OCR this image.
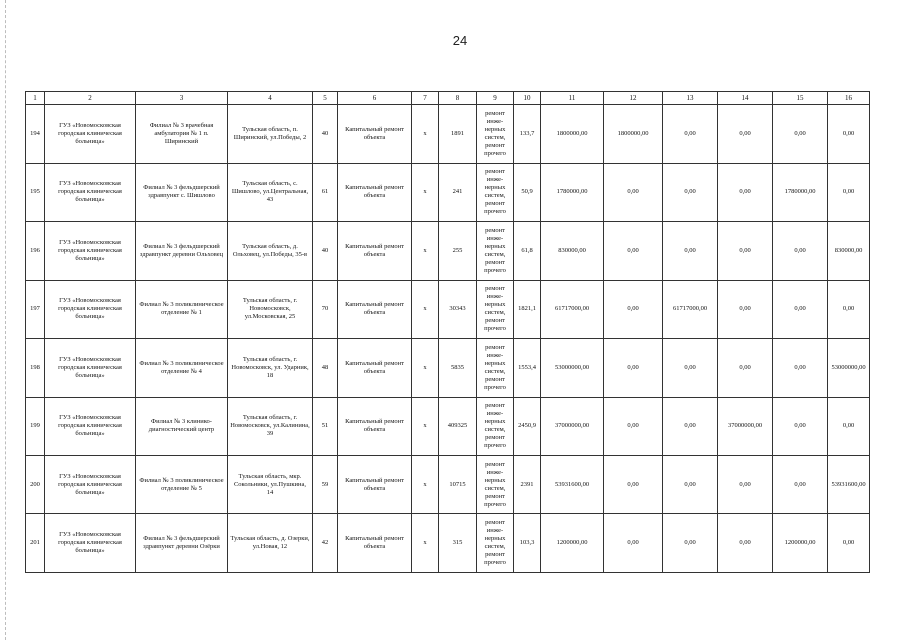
24
1	2	3	4	5	6	7	8	9	10	11	12	13	14	15	16
194	ГУЗ «Новомосковская городская клиническая больница»	Филиал № 3 врачебная амбулатория № 1 п. Ширинский	Тульская область, п. Ширинский, ул.Победы, 2	40	Капитальный ремонт объекта	х	1891	ремонт инже-нерных систем, ремонт прочего	133,7	1800000,00	1800000,00	0,00	0,00	0,00	0,00
195	ГУЗ «Новомосковская городская клиническая больница»	Филиал № 3 фельдшерский здравпункт с. Шишлово	Тульская область, с. Шишлово, ул.Центральная, 43	61	Капитальный ремонт объекта	х	241	ремонт инже-нерных систем, ремонт прочего	50,9	1780000,00	0,00	0,00	0,00	1780000,00	0,00
196	ГУЗ «Новомосковская городская клиническая больница»	Филиал № 3 фельдшерский здравпункт деревни Ольховец	Тульская область, д. Ольховец, ул.Победы, 35-в	40	Капитальный ремонт объекта	х	255	ремонт инже-нерных систем, ремонт прочего	61,8	830000,00	0,00	0,00	0,00	0,00	830000,00
197	ГУЗ «Новомосковская городская клиническая больница»	Филиал № 3 поликлиническое отделение № 1	Тульская область, г. Новомосковск, ул.Московская, 25	70	Капитальный ремонт объекта	х	30343	ремонт инже-нерных систем, ремонт прочего	1821,1	61717000,00	0,00	61717000,00	0,00	0,00	0,00
198	ГУЗ «Новомосковская городская клиническая больница»	Филиал № 3 поликлиническое отделение № 4	Тульская область, г. Новомосковск, ул. Ударник, 18	48	Капитальный ремонт объекта	х	5835	ремонт инже-нерных систем, ремонт прочего	1553,4	53000000,00	0,00	0,00	0,00	0,00	53000000,00
199	ГУЗ «Новомосковская городская клиническая больница»	Филиал № 3 клинико-диагностический центр	Тульская область, г. Новомосковск, ул.Калинина, 39	51	Капитальный ремонт объекта	х	409325	ремонт инже-нерных систем, ремонт прочего	2450,9	37000000,00	0,00	0,00	37000000,00	0,00	0,00
200	ГУЗ «Новомосковская городская клиническая больница»	Филиал № 3 поликлиническое отделение № 5	Тульская область, мкр. Сокольники, ул.Пушкина, 14	59	Капитальный ремонт объекта	х	10715	ремонт инже-нерных систем, ремонт прочего	2391	53931600,00	0,00	0,00	0,00	0,00	53931600,00
201	ГУЗ «Новомосковская городская клиническая больница»	Филиал № 3 фельдшерский здравпункт деревни Озёрки	Тульская область, д. Озерки, ул.Новая, 12	42	Капитальный ремонт объекта	х	315	ремонт инже-нерных систем, ремонт прочего	103,3	1200000,00	0,00	0,00	0,00	1200000,00	0,00
